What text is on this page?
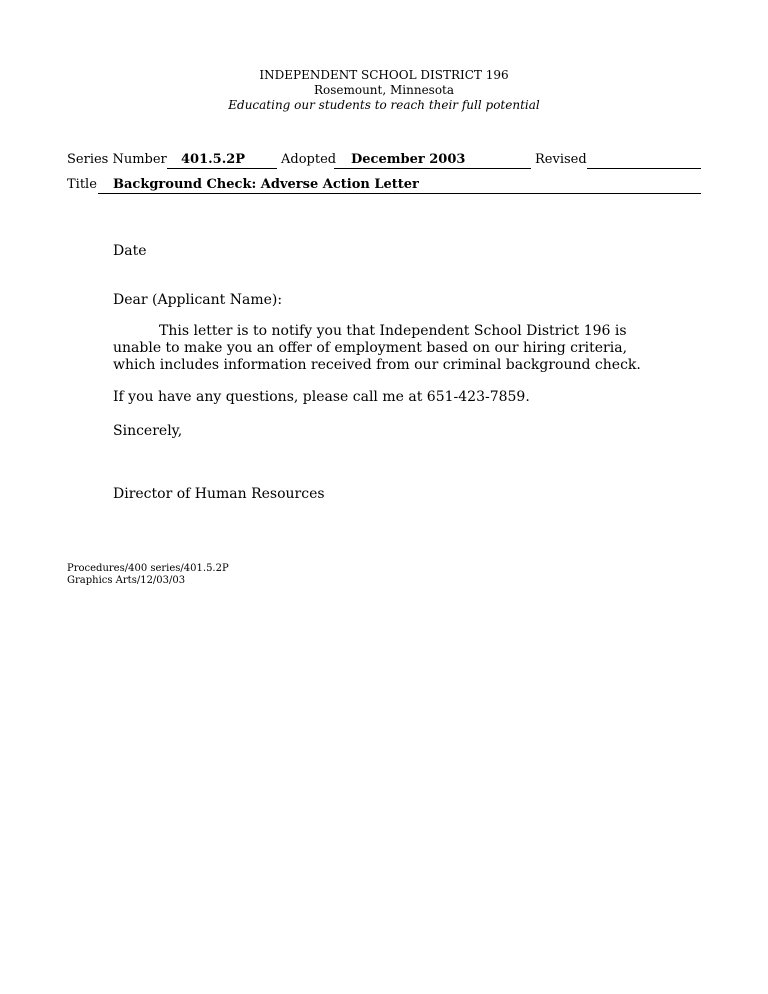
INDEPENDENT SCHOOL DISTRICT 196
Rosemount, Minnesota
Educating our students to reach their full potential
Series Number 401.5.2P	Adopted December 2003	Revised
Title Background Check: Adverse Action Letter
Date
Dear (Applicant Name):
This letter is to notify you that Independent School District 196 is
unable to make you an offer of employment based on our hiring criteria,
which includes information received from our criminal background check.
If you have any questions, please call me at 651-423-7859.
Sincerely,
Director of Human Resources
Procedures/400 series/401.5.2P
Graphics Arts/12/03/03
